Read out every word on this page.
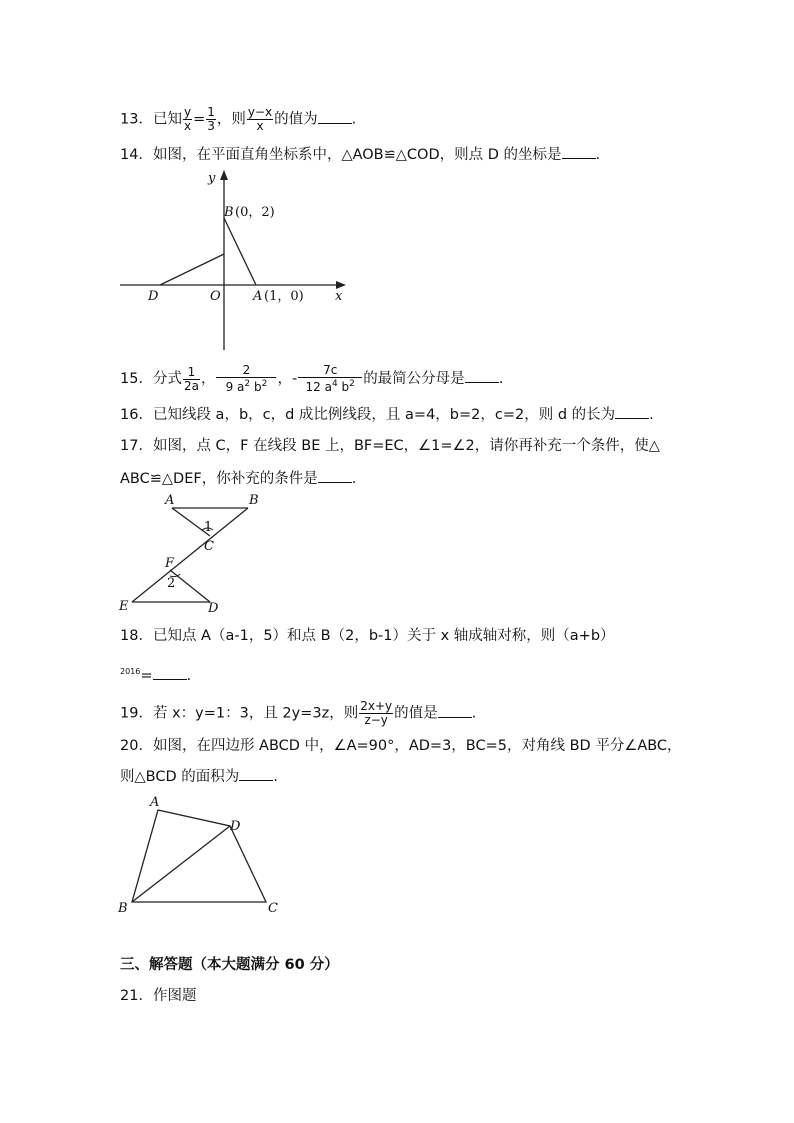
13．已知 $\frac{y}{x} = \frac{1}{3}$ ，则 $\frac{y-x}{x}$ 的值为 .
14．如图，在平面直角坐标系中，△AOB≌△COD，则点 D 的坐标是 .
y
x
B (0，2)
O
D	A (1，0)
15．分式 $\frac{1}{2a}$ ， $\frac{2}{9 a^2 b^2}$ ，- $\frac{7c}{12 a^4 b^2}$ 的最简公分母是 .
16．已知线段 a，b，c，d 成比例线段，且 a=4，b=2，c=2，则 d 的长为 .
17．如图，点 C，F 在线段 BE 上，BF=EC，∠1=∠2，请你再补充一个条件，使△
ABC≌△DEF，你补充的条件是 .
A	B
1
C
F
2
E	D
18．已知点 A（a-1，5）和点 B（2，b-1）关于 x 轴成轴对称，则（a+b）
$^{2016}$= .
19．若 x：y=1：3，且 2y=3z，则 $\frac{2x+y}{z-y}$ 的值是 .
20．如图，在四边形 ABCD 中，∠A=90°，AD=3，BC=5，对角线 BD 平分∠ABC，
则△BCD 的面积为 .
A
D
B	C
三、解答题（本大题满分 60 分）
21．作图题
